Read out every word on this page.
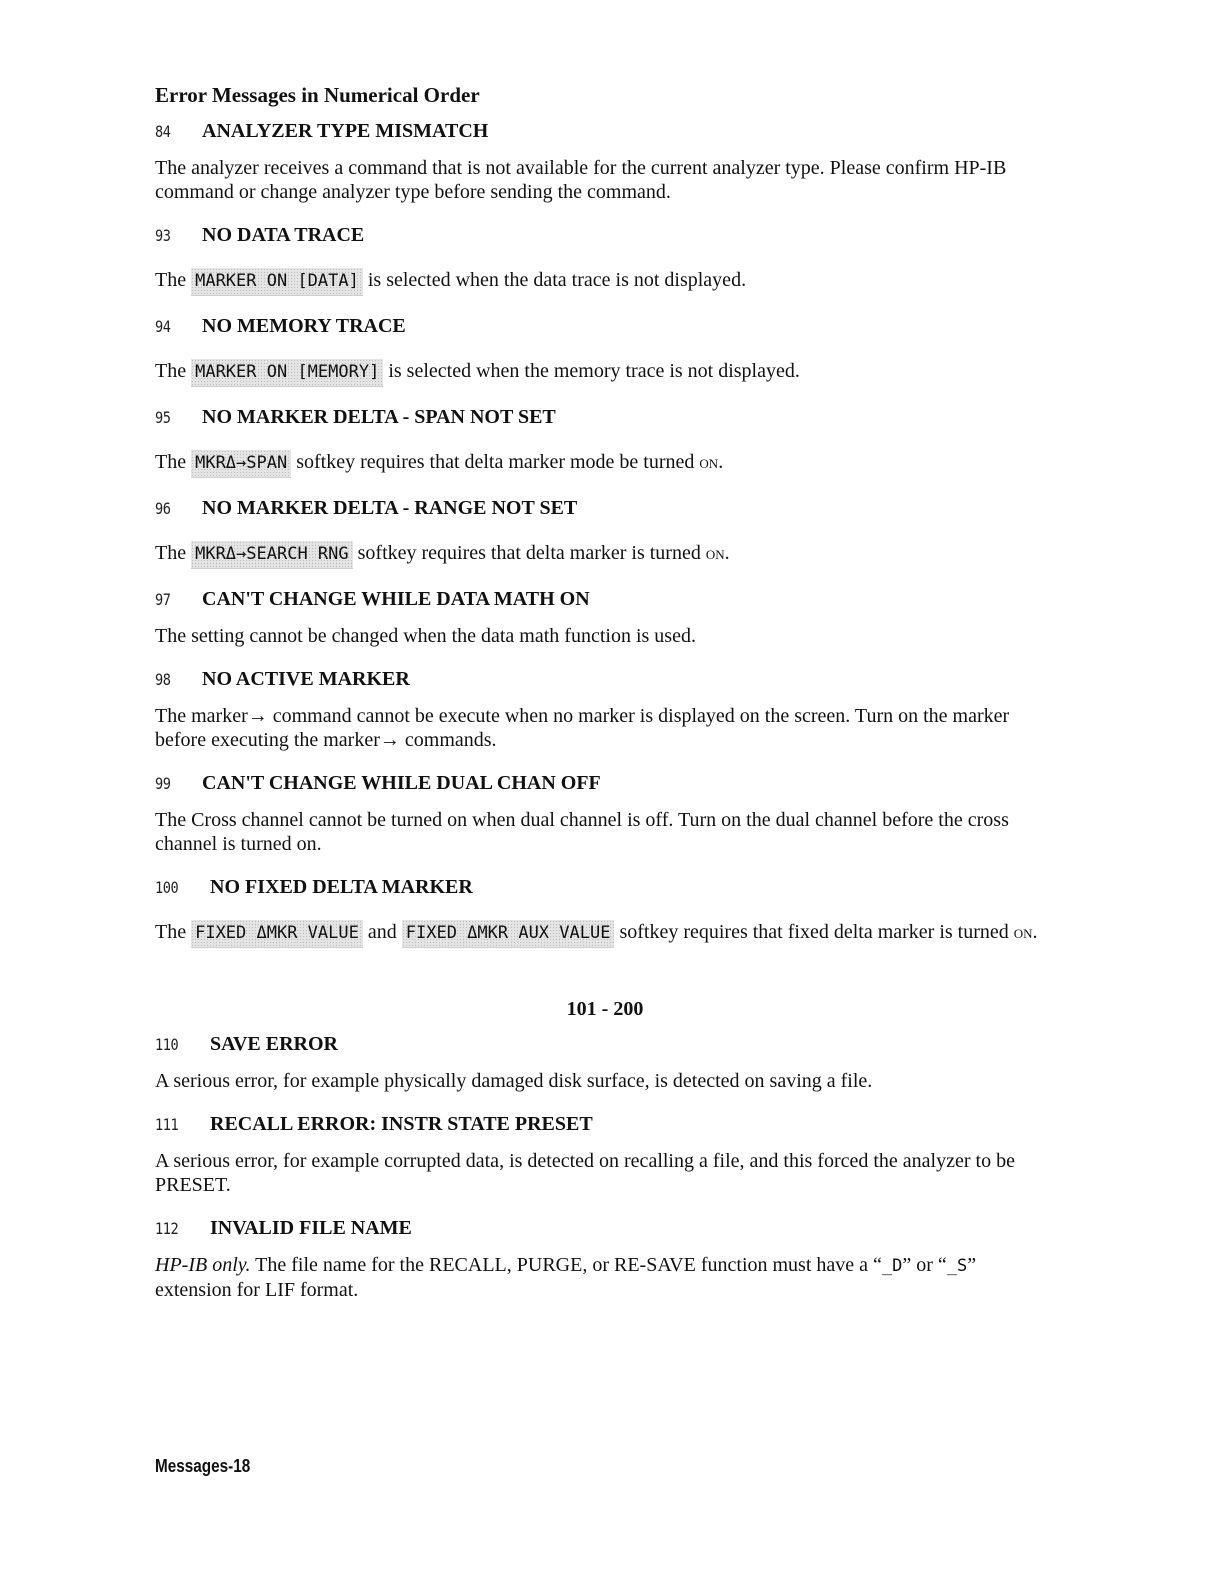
Error Messages in Numerical Order
84	ANALYZER TYPE MISMATCH

The analyzer receives a command that is not available for the current analyzer type. Please confirm HP-IB command or change analyzer type before sending the command.

93	NO DATA TRACE

The MARKER ON [DATA] is selected when the data trace is not displayed.

94	NO MEMORY TRACE

The MARKER ON [MEMORY] is selected when the memory trace is not displayed.

95	NO MARKER DELTA - SPAN NOT SET

The MKRΔ→SPAN softkey requires that delta marker mode be turned on.

96	NO MARKER DELTA - RANGE NOT SET

The MKRΔ→SEARCH RNG softkey requires that delta marker is turned on.

97	CAN'T CHANGE WHILE DATA MATH ON

The setting cannot be changed when the data math function is used.

98	NO ACTIVE MARKER

The marker→ command cannot be execute when no marker is displayed on the screen. Turn on the marker before executing the marker→ commands.

99	CAN'T CHANGE WHILE DUAL CHAN OFF

The Cross channel cannot be turned on when dual channel is off. Turn on the dual channel before the cross channel is turned on.

100	NO FIXED DELTA MARKER

The FIXED ΔMKR VALUE and FIXED ΔMKR AUX VALUE softkey requires that fixed delta marker is turned on.

101 - 200
110	SAVE ERROR

A serious error, for example physically damaged disk surface, is detected on saving a file.

111	RECALL ERROR: INSTR STATE PRESET

A serious error, for example corrupted data, is detected on recalling a file, and this forced the analyzer to be PRESET.

112	INVALID FILE NAME

HP-IB only. The file name for the RECALL, PURGE, or RE-SAVE function must have a “_D” or “_S” extension for LIF format.

Messages-18
